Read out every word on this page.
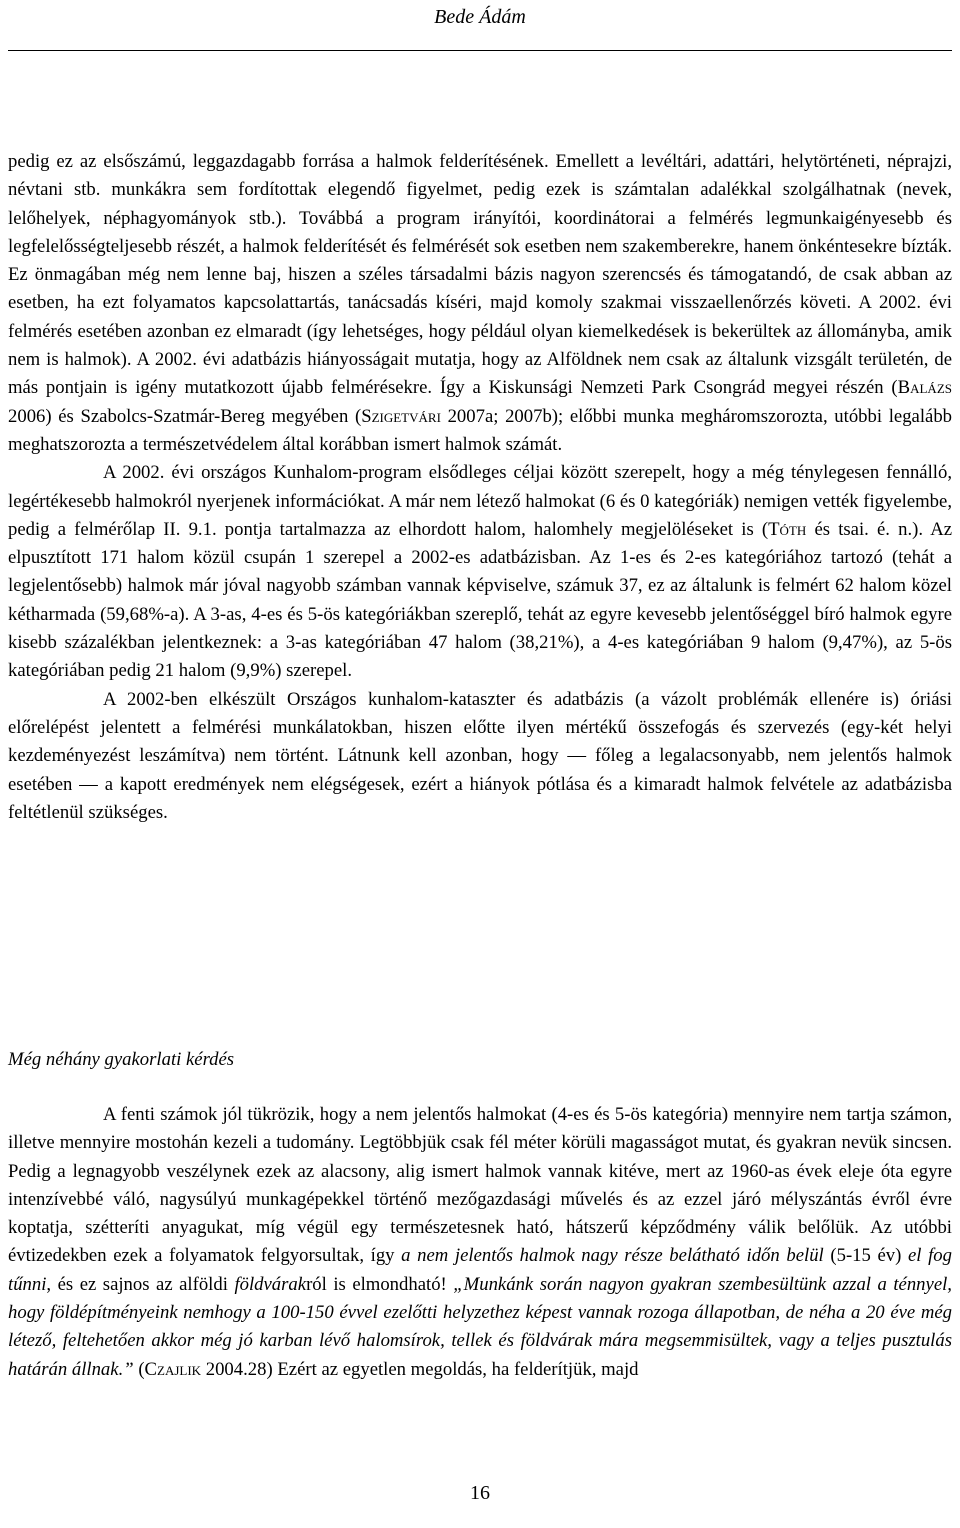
Bede Ádám

pedig ez az elsőszámú, leggazdagabb forrása a halmok felderítésének. Emellett a levéltári, adattári, helytörténeti, néprajzi, névtani stb. munkákra sem fordítottak elegendő figyelmet, pedig ezek is számtalan adalékkal szolgálhatnak (nevek, lelőhelyek, néphagyományok stb.). Továbbá a program irányítói, koordinátorai a felmérés legmunkaigényesebb és legfelelősségteljesebb részét, a halmok felderítését és felmérését sok esetben nem szakemberekre, hanem önkéntesekre bízták. Ez önmagában még nem lenne baj, hiszen a széles társadalmi bázis nagyon szerencsés és támogatandó, de csak abban az esetben, ha ezt folyamatos kapcsolattartás, tanácsadás kíséri, majd komoly szakmai visszaellenőrzés követi. A 2002. évi felmérés esetében azonban ez elmaradt (így lehetséges, hogy például olyan kiemelkedések is bekerültek az állományba, amik nem is halmok). A 2002. évi adatbázis hiányosságait mutatja, hogy az Alföldnek nem csak az általunk vizsgált területén, de más pontjain is igény mutatkozott újabb felmérésekre. Így a Kiskunsági Nemzeti Park Csongrád megyei részén (Balázs 2006) és Szabolcs-Szatmár-Bereg megyében (Szigetvári 2007a; 2007b); előbbi munka megháromszorozta, utóbbi legalább meghatszorozta a természetvédelem által korábban ismert halmok számát.

A 2002. évi országos Kunhalom-program elsődleges céljai között szerepelt, hogy a még ténylegesen fennálló, legértékesebb halmokról nyerjenek információkat. A már nem létező halmokat (6 és 0 kategóriák) nemigen vették figyelembe, pedig a felmérőlap II. 9.1. pontja tartalmazza az elhordott halom, halomhely megjelöléseket is (Tóth és tsai. é. n.). Az elpusztított 171 halom közül csupán 1 szerepel a 2002-es adatbázisban. Az 1-es és 2-es kategóriához tartozó (tehát a legjelentősebb) halmok már jóval nagyobb számban vannak képviselve, számuk 37, ez az általunk is felmért 62 halom közel kétharmada (59,68%-a). A 3-as, 4-es és 5-ös kategóriákban szereplő, tehát az egyre kevesebb jelentőséggel bíró halmok egyre kisebb százalékban jelentkeznek: a 3-as kategóriában 47 halom (38,21%), a 4-es kategóriában 9 halom (9,47%), az 5-ös kategóriában pedig 21 halom (9,9%) szerepel.

A 2002-ben elkészült Országos kunhalom-kataszter és adatbázis (a vázolt problémák ellenére is) óriási előrelépést jelentett a felmérési munkálatokban, hiszen előtte ilyen mértékű összefogás és szervezés (egy-két helyi kezdeményezést leszámítva) nem történt. Látnunk kell azonban, hogy — főleg a legalacsonyabb, nem jelentős halmok esetében — a kapott eredmények nem elégségesek, ezért a hiányok pótlása és a kimaradt halmok felvétele az adatbázisba feltétlenül szükséges.

Még néhány gyakorlati kérdés

A fenti számok jól tükrözik, hogy a nem jelentős halmokat (4-es és 5-ös kategória) mennyire nem tartja számon, illetve mennyire mostohán kezeli a tudomány. Legtöbbjük csak fél méter körüli magasságot mutat, és gyakran nevük sincsen. Pedig a legnagyobb veszélynek ezek az alacsony, alig ismert halmok vannak kitéve, mert az 1960-as évek eleje óta egyre intenzívebbé váló, nagysúlyú munkagépekkel történő mezőgazdasági művelés és az ezzel járó mélyszántás évről évre koptatja, szétteríti anyagukat, míg végül egy természetesnek ható, hátszerű képződmény válik belőlük. Az utóbbi évtizedekben ezek a folyamatok felgyorsultak, így a nem jelentős halmok nagy része belátható időn belül (5-15 év) el fog tűnni, és ez sajnos az alföldi földvárakról is elmondható! „Munkánk során nagyon gyakran szembesültünk azzal a ténnyel, hogy földépítményeink nemhogy a 100-150 évvel ezelőtti helyzethez képest vannak rozoga állapotban, de néha a 20 éve még létező, feltehetően akkor még jó karban lévő halomsírok, tellek és földvárak mára megsemmisültek, vagy a teljes pusztulás határán állnak.” (Czajlik 2004.28) Ezért az egyetlen megoldás, ha felderítjük, majd

16
